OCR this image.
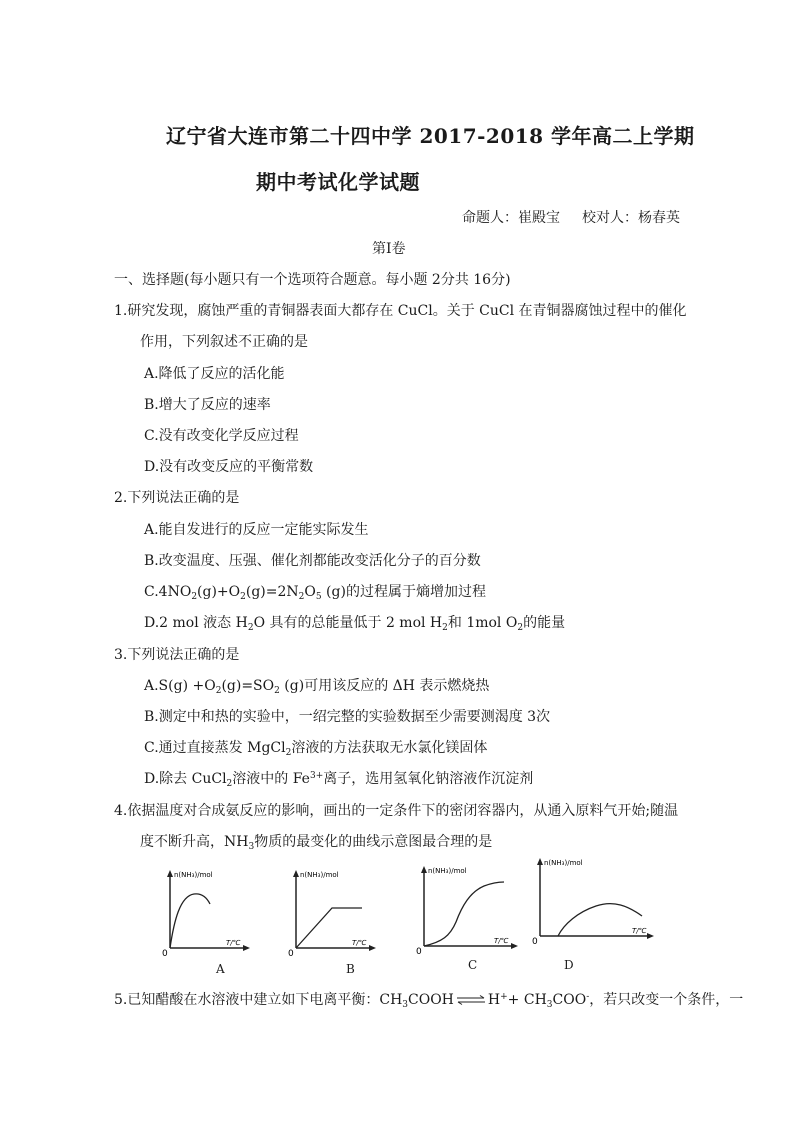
辽宁省大连市第二十四中学 2017-2018 学年高二上学期
期中考试化学试题
命题人：崔殿宝 校对人：杨春英
第Ⅰ卷
一、选择题(每小题只有一个选项符合题意。每小题 2分共 16分)
1.研究发现，腐蚀严重的青铜器表面大都存在 CuCl。关于 CuCl 在青铜器腐蚀过程中的催化
作用，下列叙述不正确的是
A.降低了反应的活化能
B.增大了反应的速率
C.没有改变化学反应过程
D.没有改变反应的平衡常数
2.下列说法正确的是
A.能自发进行的反应一定能实际发生
B.改变温度、压强、催化剂都能改变活化分子的百分数
$C.4NO_2(g)+O_2(g)=2N_2O_5$ (g)的过程属于熵增加过程
D.2 mol 液态 $H_2O$ 具有的总能量低于 2 mol $H_2$和 1mol $O_2$的能量
3.下列说法正确的是
$A.S(g) +O_2(g)=SO_2$ (g)可用该反应的 ΔH 表示燃烧热
B.测定中和热的实验中，一绍完整的实验数据至少需要测渴度 3次
C.通过直接蒸发 MgCl$_2$溶液的方法获取无水氯化镁固体
D.除去 CuCl$_2$溶液中的 $Fe^{3+}$离子，选用氢氧化钠溶液作沉淀剂
4.依据温度对合成氨反应的影响，画出的一定条件下的密闭容器内，从通入原料气开始;随温
度不断升高，$NH_3$物质的最变化的曲线示意图最合理的是
n(NH₃)/mol
T/℃
0
A
n(NH₃)/mol
T/℃
0
B
n(NH₃)/mol
T/℃
0
C
n(NH₃)/mol
T/℃
0
D
5.已知醋酸在水溶液中建立如下电离平衡：$CH_3COOH$ ⇌ $H^++ CH_3COO^-$，若只改变一个条件，一
